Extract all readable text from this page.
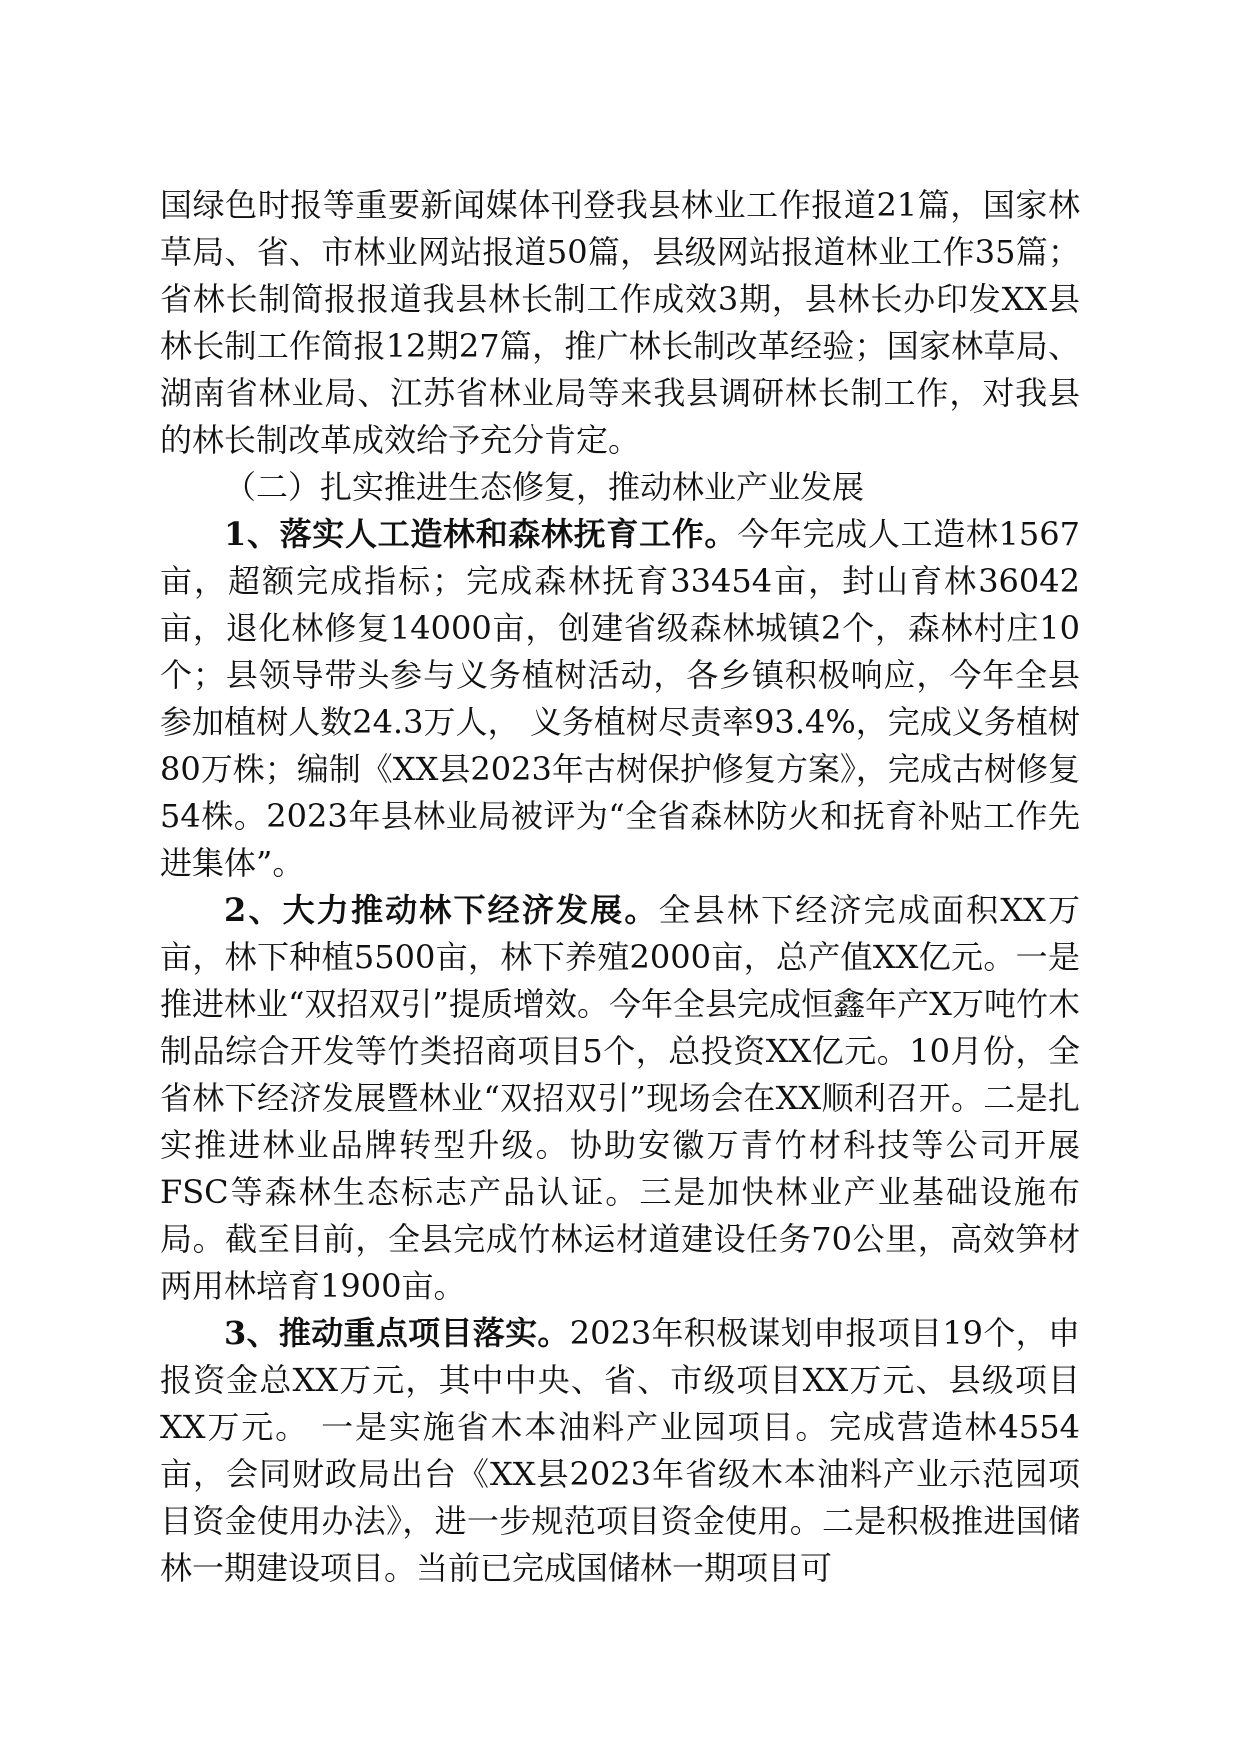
国绿色时报等重要新闻媒体刊登我县林业工作报道21篇，国家林草局、省、市林业网站报道50篇，县级网站报道林业工作35篇；省林长制简报报道我县林长制工作成效3期，县林长办印发XX县林长制工作简报12期27篇，推广林长制改革经验；国家林草局、湖南省林业局、江苏省林业局等来我县调研林长制工作，对我县的林长制改革成效给予充分肯定。

（二）扎实推进生态修复，推动林业产业发展

1、落实人工造林和森林抚育工作。今年完成人工造林1567亩，超额完成指标；完成森林抚育33454亩，封山育林36042亩，退化林修复14000亩，创建省级森林城镇2个，森林村庄10个；县领导带头参与义务植树活动，各乡镇积极响应，今年全县参加植树人数24.3万人， 义务植树尽责率93.4%，完成义务植树80万株；编制《XX县2023年古树保护修复方案》，完成古树修复54株。2023年县林业局被评为“全省森林防火和抚育补贴工作先进集体”。

2、大力推动林下经济发展。全县林下经济完成面积XX万亩，林下种植5500亩，林下养殖2000亩，总产值XX亿元。一是推进林业“双招双引”提质增效。今年全县完成恒鑫年产X万吨竹木制品综合开发等竹类招商项目5个，总投资XX亿元。10月份，全省林下经济发展暨林业“双招双引”现场会在XX顺利召开。二是扎实推进林业品牌转型升级。协助安徽万青竹材科技等公司开展FSC等森林生态标志产品认证。三是加快林业产业基础设施布局。截至目前，全县完成竹林运材道建设任务70公里，高效笋材两用林培育1900亩。

3、推动重点项目落实。2023年积极谋划申报项目19个，申报资金总XX万元，其中中央、省、市级项目XX万元、县级项目XX万元。 一是实施省木本油料产业园项目。完成营造林4554亩，会同财政局出台《XX县2023年省级木本油料产业示范园项目资金使用办法》，进一步规范项目资金使用。二是积极推进国储林一期建设项目。当前已完成国储林一期项目可
